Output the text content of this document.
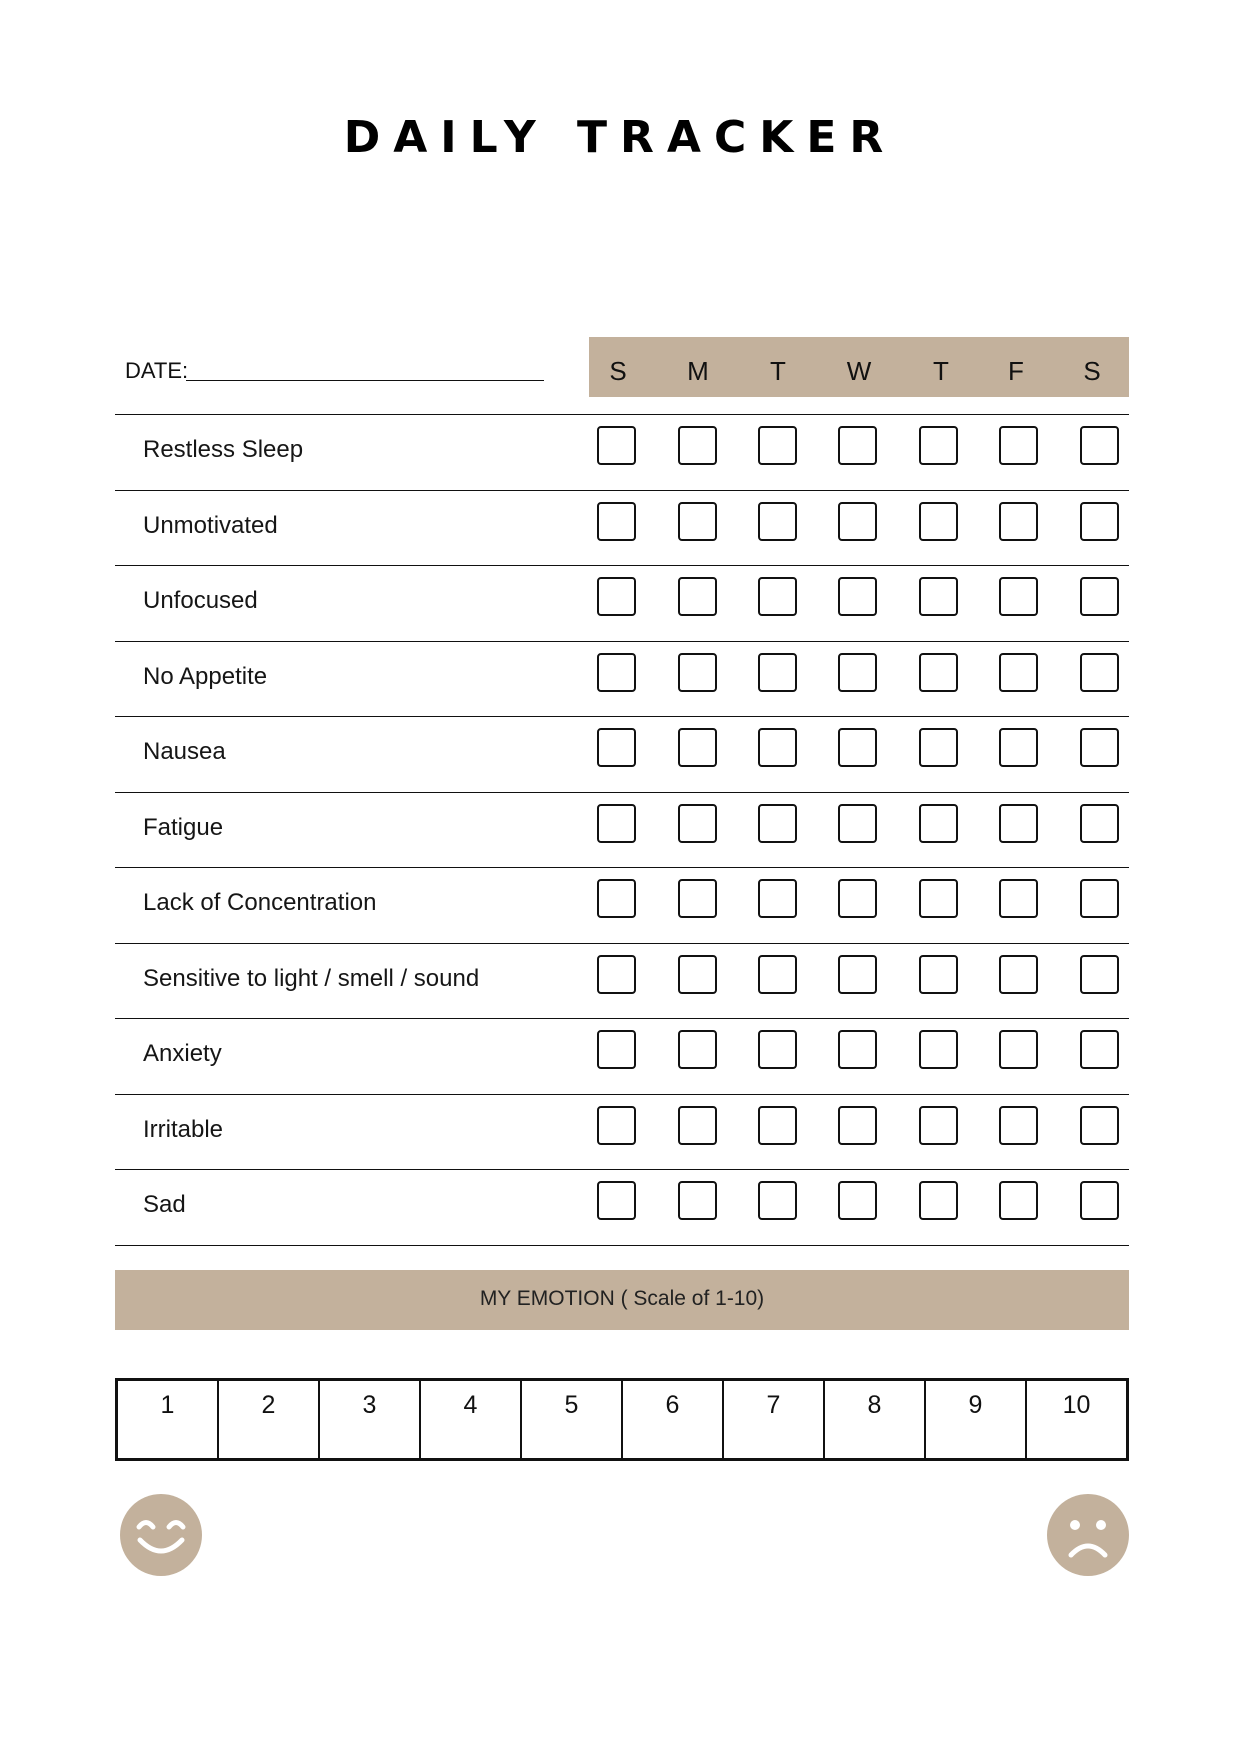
DAILY TRACKER
DATE:	S	M	T	W	T	F	S
Restless Sleep
Unmotivated
Unfocused
No Appetite
Nausea
Fatigue
Lack of Concentration
Sensitive to light / smell / sound
Anxiety
Irritable
Sad
MY EMOTION ( Scale of 1-10)
1	2	3	4	5	6	7	8	9	10
